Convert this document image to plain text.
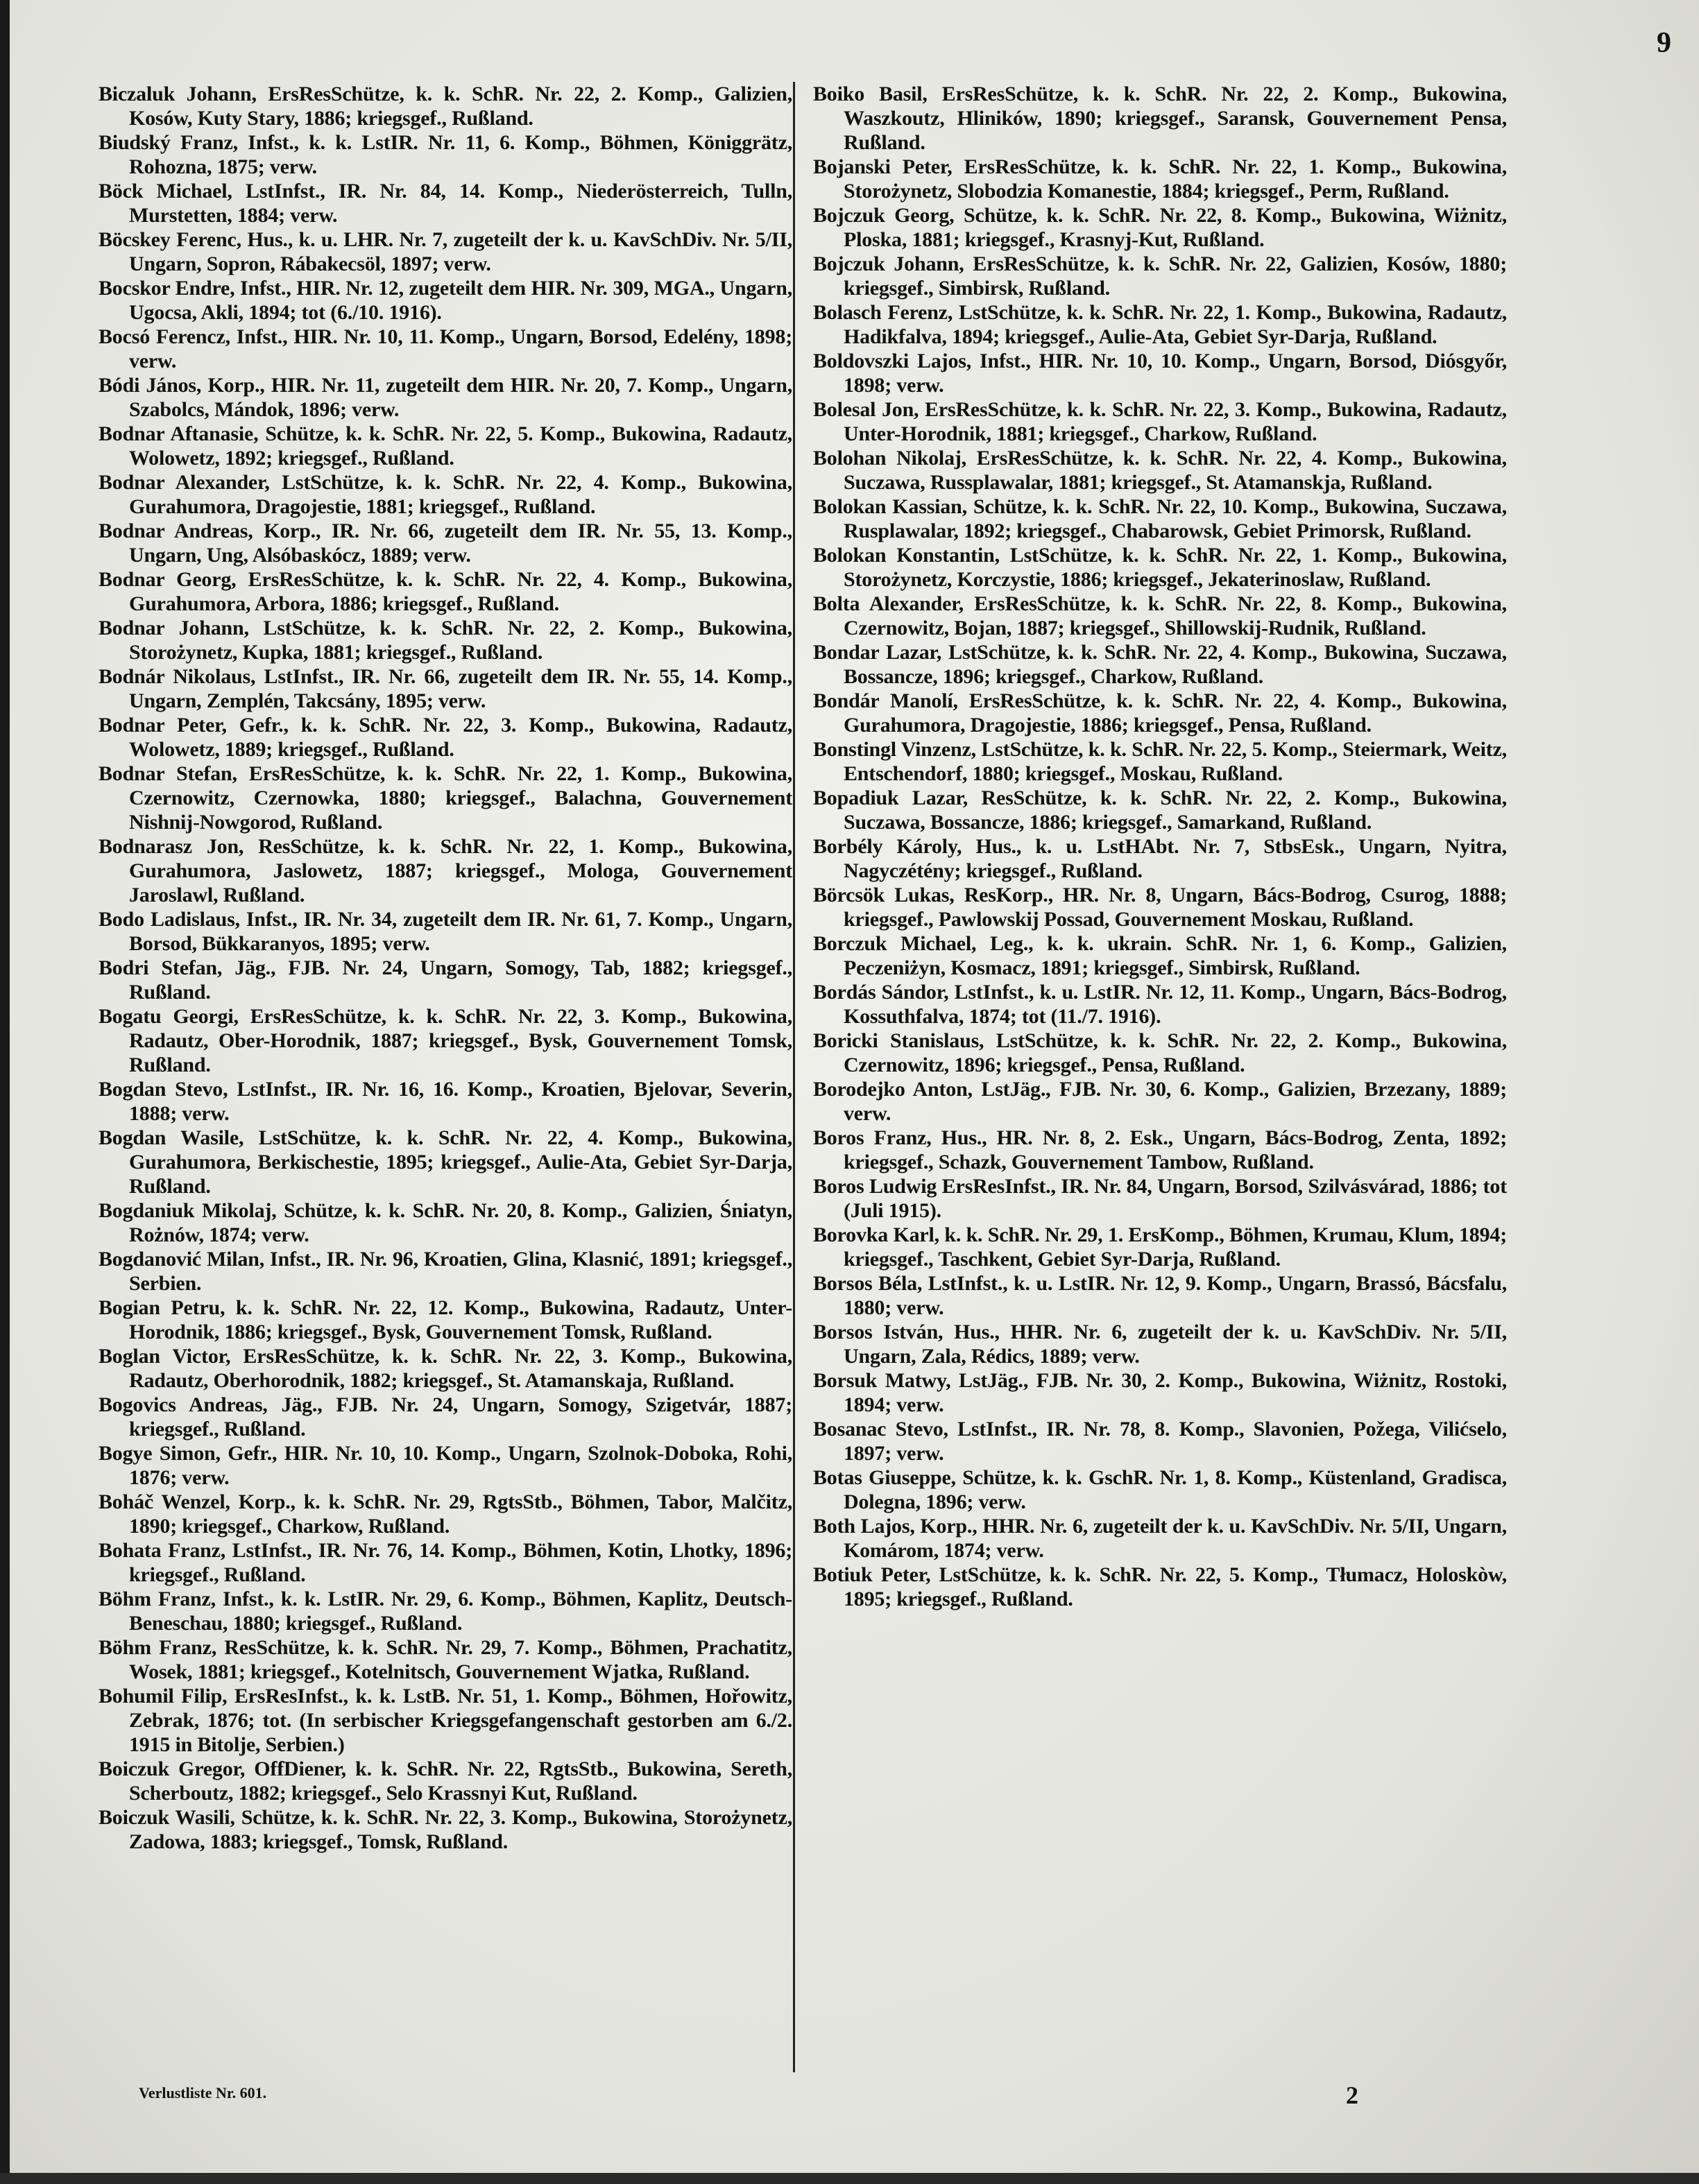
9

Biczaluk Johann, ErsResSchütze, k. k. SchR. Nr. 22, 2. Komp., Galizien, Kosów, Kuty Stary, 1886; kriegsgef., Rußland.

Biudský Franz, Infst., k. k. LstIR. Nr. 11, 6. Komp., Böhmen, Königgrätz, Rohozna, 1875; verw.

Böck Michael, LstInfst., IR. Nr. 84, 14. Komp., Niederösterreich, Tulln, Murstetten, 1884; verw.

Böcskey Ferenc, Hus., k. u. LHR. Nr. 7, zugeteilt der k. u. KavSchDiv. Nr. 5/II, Ungarn, Sopron, Rábakecsöl, 1897; verw.

Bocskor Endre, Infst., HIR. Nr. 12, zugeteilt dem HIR. Nr. 309, MGA., Ungarn, Ugocsa, Akli, 1894; tot (6./10. 1916).

Bocsó Ferencz, Infst., HIR. Nr. 10, 11. Komp., Ungarn, Borsod, Edelény, 1898; verw.

Bódi János, Korp., HIR. Nr. 11, zugeteilt dem HIR. Nr. 20, 7. Komp., Ungarn, Szabolcs, Mándok, 1896; verw.

Bodnar Aftanasie, Schütze, k. k. SchR. Nr. 22, 5. Komp., Bukowina, Radautz, Wolowetz, 1892; kriegsgef., Rußland.

Bodnar Alexander, LstSchütze, k. k. SchR. Nr. 22, 4. Komp., Bukowina, Gurahumora, Dragojestie, 1881; kriegsgef., Rußland.

Bodnar Andreas, Korp., IR. Nr. 66, zugeteilt dem IR. Nr. 55, 13. Komp., Ungarn, Ung, Alsóbaskócz, 1889; verw.

Bodnar Georg, ErsResSchütze, k. k. SchR. Nr. 22, 4. Komp., Bukowina, Gurahumora, Arbora, 1886; kriegsgef., Rußland.

Bodnar Johann, LstSchütze, k. k. SchR. Nr. 22, 2. Komp., Bukowina, Storożynetz, Kupka, 1881; kriegsgef., Rußland.

Bodnár Nikolaus, LstInfst., IR. Nr. 66, zugeteilt dem IR. Nr. 55, 14. Komp., Ungarn, Zemplén, Takcsány, 1895; verw.

Bodnar Peter, Gefr., k. k. SchR. Nr. 22, 3. Komp., Bukowina, Radautz, Wolowetz, 1889; kriegsgef., Rußland.

Bodnar Stefan, ErsResSchütze, k. k. SchR. Nr. 22, 1. Komp., Bukowina, Czernowitz, Czernowka, 1880; kriegsgef., Balachna, Gouvernement Nishnij-Nowgorod, Rußland.

Bodnarasz Jon, ResSchütze, k. k. SchR. Nr. 22, 1. Komp., Bukowina, Gurahumora, Jaslowetz, 1887; kriegsgef., Mologa, Gouvernement Jaroslawl, Rußland.

Bodo Ladislaus, Infst., IR. Nr. 34, zugeteilt dem IR. Nr. 61, 7. Komp., Ungarn, Borsod, Bükkaranyos, 1895; verw.

Bodri Stefan, Jäg., FJB. Nr. 24, Ungarn, Somogy, Tab, 1882; kriegsgef., Rußland.

Bogatu Georgi, ErsResSchütze, k. k. SchR. Nr. 22, 3. Komp., Bukowina, Radautz, Ober-Horodnik, 1887; kriegsgef., Bysk, Gouvernement Tomsk, Rußland.

Bogdan Stevo, LstInfst., IR. Nr. 16, 16. Komp., Kroatien, Bjelovar, Severin, 1888; verw.

Bogdan Wasile, LstSchütze, k. k. SchR. Nr. 22, 4. Komp., Bukowina, Gurahumora, Berkischestie, 1895; kriegsgef., Aulie-Ata, Gebiet Syr-Darja, Rußland.

Bogdaniuk Mikolaj, Schütze, k. k. SchR. Nr. 20, 8. Komp., Galizien, Śniatyn, Rożnów, 1874; verw.

Bogdanović Milan, Infst., IR. Nr. 96, Kroatien, Glina, Klasnić, 1891; kriegsgef., Serbien.

Bogian Petru, k. k. SchR. Nr. 22, 12. Komp., Bukowina, Radautz, Unter-Horodnik, 1886; kriegsgef., Bysk, Gouvernement Tomsk, Rußland.

Boglan Victor, ErsResSchütze, k. k. SchR. Nr. 22, 3. Komp., Bukowina, Radautz, Oberhorodnik, 1882; kriegsgef., St. Atamanskaja, Rußland.

Bogovics Andreas, Jäg., FJB. Nr. 24, Ungarn, Somogy, Szigetvár, 1887; kriegsgef., Rußland.

Bogye Simon, Gefr., HIR. Nr. 10, 10. Komp., Ungarn, Szolnok-Doboka, Rohi, 1876; verw.

Boháč Wenzel, Korp., k. k. SchR. Nr. 29, RgtsStb., Böhmen, Tabor, Malčitz, 1890; kriegsgef., Charkow, Rußland.

Bohata Franz, LstInfst., IR. Nr. 76, 14. Komp., Böhmen, Kotin, Lhotky, 1896; kriegsgef., Rußland.

Böhm Franz, Infst., k. k. LstIR. Nr. 29, 6. Komp., Böhmen, Kaplitz, Deutsch-Beneschau, 1880; kriegsgef., Rußland.

Böhm Franz, ResSchütze, k. k. SchR. Nr. 29, 7. Komp., Böhmen, Prachatitz, Wosek, 1881; kriegsgef., Kotelnitsch, Gouvernement Wjatka, Rußland.

Bohumil Filip, ErsResInfst., k. k. LstB. Nr. 51, 1. Komp., Böhmen, Hořowitz, Zebrak, 1876; tot. (In serbischer Kriegsgefangenschaft gestorben am 6./2. 1915 in Bitolje, Serbien.)

Boiczuk Gregor, OffDiener, k. k. SchR. Nr. 22, RgtsStb., Bukowina, Sereth, Scherboutz, 1882; kriegsgef., Selo Krassnyi Kut, Rußland.

Boiczuk Wasili, Schütze, k. k. SchR. Nr. 22, 3. Komp., Bukowina, Storożynetz, Zadowa, 1883; kriegsgef., Tomsk, Rußland.

Boiko Basil, ErsResSchütze, k. k. SchR. Nr. 22, 2. Komp., Bukowina, Waszkoutz, Hliników, 1890; kriegsgef., Saransk, Gouvernement Pensa, Rußland.

Bojanski Peter, ErsResSchütze, k. k. SchR. Nr. 22, 1. Komp., Bukowina, Storożynetz, Slobodzia Komanestie, 1884; kriegsgef., Perm, Rußland.

Bojczuk Georg, Schütze, k. k. SchR. Nr. 22, 8. Komp., Bukowina, Wiżnitz, Ploska, 1881; kriegsgef., Krasnyj-Kut, Rußland.

Bojczuk Johann, ErsResSchütze, k. k. SchR. Nr. 22, Galizien, Kosów, 1880; kriegsgef., Simbirsk, Rußland.

Bolasch Ferenz, LstSchütze, k. k. SchR. Nr. 22, 1. Komp., Bukowina, Radautz, Hadikfalva, 1894; kriegsgef., Aulie-Ata, Gebiet Syr-Darja, Rußland.

Boldovszki Lajos, Infst., HIR. Nr. 10, 10. Komp., Ungarn, Borsod, Diósgyőr, 1898; verw.

Bolesal Jon, ErsResSchütze, k. k. SchR. Nr. 22, 3. Komp., Bukowina, Radautz, Unter-Horodnik, 1881; kriegsgef., Charkow, Rußland.

Bolohan Nikolaj, ErsResSchütze, k. k. SchR. Nr. 22, 4. Komp., Bukowina, Suczawa, Russplawalar, 1881; kriegsgef., St. Atamanskja, Rußland.

Bolokan Kassian, Schütze, k. k. SchR. Nr. 22, 10. Komp., Bukowina, Suczawa, Rusplawalar, 1892; kriegsgef., Chabarowsk, Gebiet Primorsk, Rußland.

Bolokan Konstantin, LstSchütze, k. k. SchR. Nr. 22, 1. Komp., Bukowina, Storożynetz, Korczystie, 1886; kriegsgef., Jekaterinoslaw, Rußland.

Bolta Alexander, ErsResSchütze, k. k. SchR. Nr. 22, 8. Komp., Bukowina, Czernowitz, Bojan, 1887; kriegsgef., Shillowskij-Rudnik, Rußland.

Bondar Lazar, LstSchütze, k. k. SchR. Nr. 22, 4. Komp., Bukowina, Suczawa, Bossancze, 1896; kriegsgef., Charkow, Rußland.

Bondár Manolí, ErsResSchütze, k. k. SchR. Nr. 22, 4. Komp., Bukowina, Gurahumora, Dragojestie, 1886; kriegsgef., Pensa, Rußland.

Bonstingl Vinzenz, LstSchütze, k. k. SchR. Nr. 22, 5. Komp., Steiermark, Weitz, Entschendorf, 1880; kriegsgef., Moskau, Rußland.

Bopadiuk Lazar, ResSchütze, k. k. SchR. Nr. 22, 2. Komp., Bukowina, Suczawa, Bossancze, 1886; kriegsgef., Samarkand, Rußland.

Borbély Károly, Hus., k. u. LstHAbt. Nr. 7, StbsEsk., Ungarn, Nyitra, Nagyczétény; kriegsgef., Rußland.

Börcsök Lukas, ResKorp., HR. Nr. 8, Ungarn, Bács-Bodrog, Csurog, 1888; kriegsgef., Pawlowskij Possad, Gouvernement Moskau, Rußland.

Borczuk Michael, Leg., k. k. ukrain. SchR. Nr. 1, 6. Komp., Galizien, Peczeniżyn, Kosmacz, 1891; kriegsgef., Simbirsk, Rußland.

Bordás Sándor, LstInfst., k. u. LstIR. Nr. 12, 11. Komp., Ungarn, Bács-Bodrog, Kossuthfalva, 1874; tot (11./7. 1916).

Boricki Stanislaus, LstSchütze, k. k. SchR. Nr. 22, 2. Komp., Bukowina, Czernowitz, 1896; kriegsgef., Pensa, Rußland.

Borodejko Anton, LstJäg., FJB. Nr. 30, 6. Komp., Galizien, Brzezany, 1889; verw.

Boros Franz, Hus., HR. Nr. 8, 2. Esk., Ungarn, Bács-Bodrog, Zenta, 1892; kriegsgef., Schazk, Gouvernement Tambow, Rußland.

Boros Ludwig ErsResInfst., IR. Nr. 84, Ungarn, Borsod, Szilvásvárad, 1886; tot (Juli 1915).

Borovka Karl, k. k. SchR. Nr. 29, 1. ErsKomp., Böhmen, Krumau, Klum, 1894; kriegsgef., Taschkent, Gebiet Syr-Darja, Rußland.

Borsos Béla, LstInfst., k. u. LstIR. Nr. 12, 9. Komp., Ungarn, Brassó, Bácsfalu, 1880; verw.

Borsos István, Hus., HHR. Nr. 6, zugeteilt der k. u. KavSchDiv. Nr. 5/II, Ungarn, Zala, Rédics, 1889; verw.

Borsuk Matwy, LstJäg., FJB. Nr. 30, 2. Komp., Bukowina, Wiżnitz, Rostoki, 1894; verw.

Bosanac Stevo, LstInfst., IR. Nr. 78, 8. Komp., Slavonien, Požega, Vilićselo, 1897; verw.

Botas Giuseppe, Schütze, k. k. GschR. Nr. 1, 8. Komp., Küstenland, Gradisca, Dolegna, 1896; verw.

Both Lajos, Korp., HHR. Nr. 6, zugeteilt der k. u. KavSchDiv. Nr. 5/II, Ungarn, Komárom, 1874; verw.

Botiuk Peter, LstSchütze, k. k. SchR. Nr. 22, 5. Komp., Tłumacz, Holoskòw, 1895; kriegsgef., Rußland.

Verlustliste Nr. 601.	2
